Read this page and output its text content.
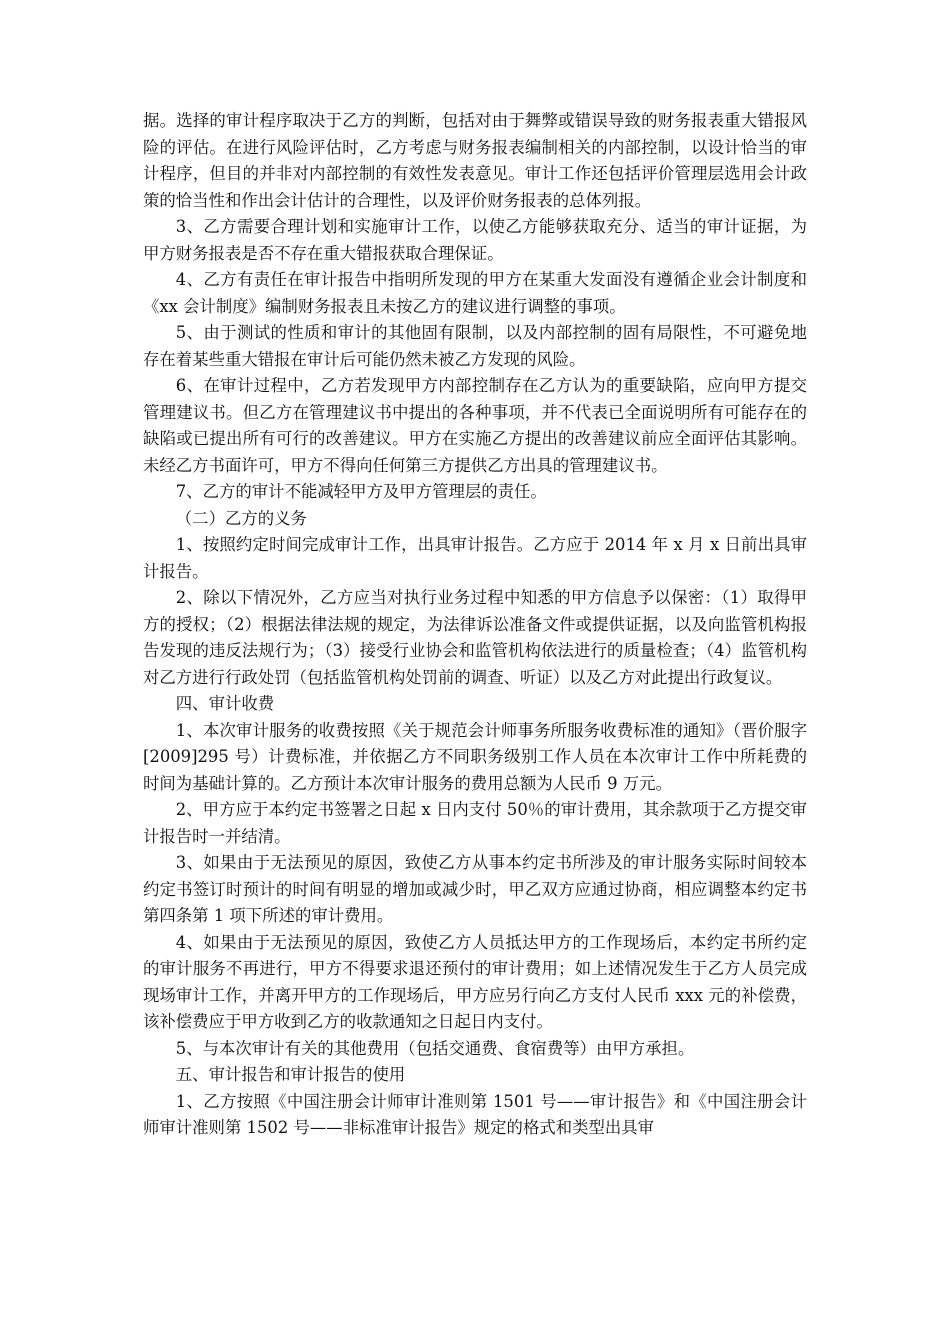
据。选择的审计程序取决于乙方的判断，包括对由于舞弊或错误导致的财务报表重大错报风险的评估。在进行风险评估时，乙方考虑与财务报表编制相关的内部控制，以设计恰当的审计程序，但目的并非对内部控制的有效性发表意见。审计工作还包括评价管理层选用会计政策的恰当性和作出会计估计的合理性，以及评价财务报表的总体列报。

3、乙方需要合理计划和实施审计工作，以使乙方能够获取充分、适当的审计证据，为甲方财务报表是否不存在重大错报获取合理保证。

4、乙方有责任在审计报告中指明所发现的甲方在某重大发面没有遵循企业会计制度和《xx 会计制度》编制财务报表且未按乙方的建议进行调整的事项。

5、由于测试的性质和审计的其他固有限制，以及内部控制的固有局限性，不可避免地存在着某些重大错报在审计后可能仍然未被乙方发现的风险。

6、在审计过程中，乙方若发现甲方内部控制存在乙方认为的重要缺陷，应向甲方提交管理建议书。但乙方在管理建议书中提出的各种事项，并不代表已全面说明所有可能存在的缺陷或已提出所有可行的改善建议。甲方在实施乙方提出的改善建议前应全面评估其影响。未经乙方书面许可，甲方不得向任何第三方提供乙方出具的管理建议书。

7、乙方的审计不能减轻甲方及甲方管理层的责任。

（二）乙方的义务

1、按照约定时间完成审计工作，出具审计报告。乙方应于 2014 年 x 月 x 日前出具审计报告。

2、除以下情况外，乙方应当对执行业务过程中知悉的甲方信息予以保密：（1）取得甲方的授权；（2）根据法律法规的规定，为法律诉讼准备文件或提供证据，以及向监管机构报告发现的违反法规行为；（3）接受行业协会和监管机构依法进行的质量检查；（4）监管机构对乙方进行行政处罚（包括监管机构处罚前的调查、听证）以及乙方对此提出行政复议。

四、审计收费

1、本次审计服务的收费按照《关于规范会计师事务所服务收费标准的通知》（晋价服字[2009]295 号）计费标准，并依据乙方不同职务级别工作人员在本次审计工作中所耗费的时间为基础计算的。乙方预计本次审计服务的费用总额为人民币 9 万元。

2、甲方应于本约定书签署之日起 x 日内支付 50％的审计费用，其余款项于乙方提交审计报告时一并结清。

3、如果由于无法预见的原因，致使乙方从事本约定书所涉及的审计服务实际时间较本约定书签订时预计的时间有明显的增加或减少时，甲乙双方应通过协商，相应调整本约定书第四条第 1 项下所述的审计费用。

4、如果由于无法预见的原因，致使乙方人员抵达甲方的工作现场后，本约定书所约定的审计服务不再进行，甲方不得要求退还预付的审计费用；如上述情况发生于乙方人员完成现场审计工作，并离开甲方的工作现场后，甲方应另行向乙方支付人民币 xxx 元的补偿费，该补偿费应于甲方收到乙方的收款通知之日起日内支付。

5、与本次审计有关的其他费用（包括交通费、食宿费等）由甲方承担。

五、审计报告和审计报告的使用

1、乙方按照《中国注册会计师审计准则第 1501 号——审计报告》和《中国注册会计师审计准则第 1502 号——非标准审计报告》规定的格式和类型出具审
